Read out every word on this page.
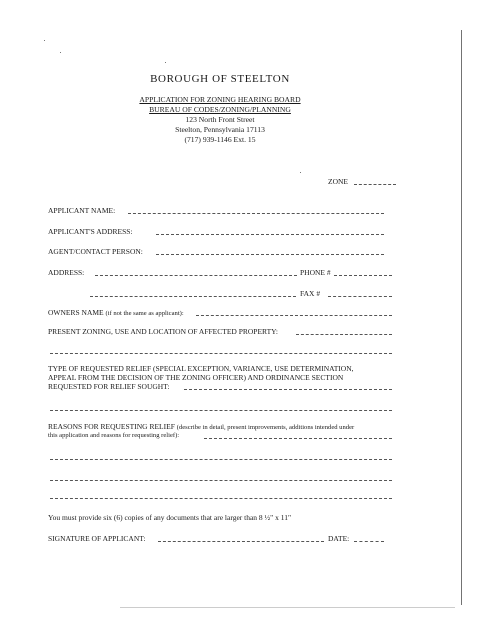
BOROUGH OF STEELTON
APPLICATION FOR ZONING HEARING BOARD
BUREAU OF CODES/ZONING/PLANNING
123 North Front Street
Steelton, Pennsylvania 17113
(717) 939-1146 Ext. 15
ZONE
APPLICANT NAME:
APPLICANT'S ADDRESS:
AGENT/CONTACT PERSON:
ADDRESS:	PHONE #
FAX #
OWNERS NAME (if not the same as applicant):
PRESENT ZONING, USE AND LOCATION OF AFFECTED PROPERTY:
TYPE OF REQUESTED RELIEF (SPECIAL EXCEPTION, VARIANCE, USE DETERMINATION,
APPEAL FROM THE DECISION OF THE ZONING OFFICER) AND ORDINANCE SECTION
REQUESTED FOR RELIEF SOUGHT:
REASONS FOR REQUESTING RELIEF (describe in detail, present improvements, additions intended under
this application and reasons for requesting relief):
You must provide six (6) copies of any documents that are larger than 8 ½" x 11"
SIGNATURE OF APPLICANT:	DATE:
